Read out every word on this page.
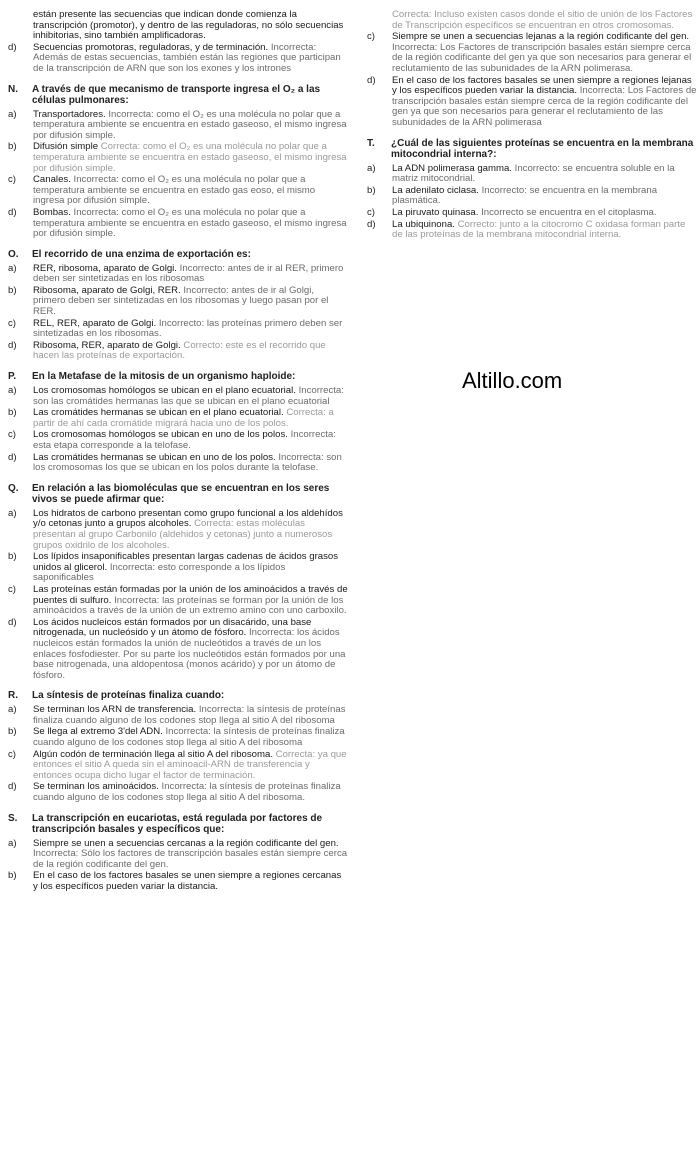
están presente las secuencias que indican donde comienza la transcripción (promotor), y dentro de las reguladoras, no sólo secuencias inhibitorias, sino también amplificadoras.
d)	Secuencias promotoras, reguladoras, y de terminación. Incorrecta: Además de estas secuencias, también están las regiones que participan de la transcripción de ARN que son los exones y los intrones
N.	A través de que mecanismo de transporte ingresa el O₂ a las células pulmonares:
a)	Transportadores. Incorrecta: como el O₂ es una molécula no polar que a temperatura ambiente se encuentra en estado gaseoso, el mismo ingresa por difusión simple.
b)	Difusión simple Correcta: como el O₂ es una molécula no polar que a temperatura ambiente se encuentra en estado gaseoso, el mismo ingresa por difusión simple.
c)	Canales. Incorrecta: como el O₂ es una molécula no polar que a temperatura ambiente se encuentra en estado gas eoso, el mismo ingresa por difusión simple.
d)	Bombas. Incorrecta: como el O₂ es una molécula no polar que a temperatura ambiente se encuentra en estado gaseoso, el mismo ingresa por difusión simple.
O.	El recorrido de una enzima de exportación es:
a)	RER, ribosoma, aparato de Golgi. Incorrecto: antes de ir al RER, primero deben ser sintetizadas en los ribosomas
b)	Ribosoma, aparato de Golgi, RER. Incorrecto: antes de ir al Golgi, primero deben ser sintetizadas en los ribosomas y luego pasan por el RER.
c)	REL, RER, aparato de Golgi. Incorrecto: las proteínas primero deben ser sintetizadas en los ribosomas.
d)	Ribosoma, RER, aparato de Golgi. Correcto: este es el recorrido que hacen las proteínas de exportación.
P.	En la Metafase de la mitosis de un organismo haploide:
a)	Los cromosomas homólogos se ubican en el plano ecuatorial. Incorrecta: son las cromátides hermanas las que se ubican en el plano ecuatorial
b)	Las cromátides hermanas se ubican en el plano ecuatorial. Correcta: a partir de ahí cada cromátide migrará hacia uno de los polos.
c)	Los cromosomas homólogos se ubican en uno de los polos. Incorrecta: esta etapa corresponde a la telofase.
d)	Las cromátides hermanas se ubican en uno de los polos. Incorrecta: son los cromosomas los que se ubican en los polos durante la telofase.
Q.	En relación a las biomoléculas que se encuentran en los seres vivos se puede afirmar que:
a)	Los hidratos de carbono presentan como grupo funcional a los aldehídos y/o cetonas junto a grupos alcoholes. Correcta: estas moléculas presentan al grupo Carbonilo (aldehidos y cetonas) junto a numerosos grupos oxidrilo de los alcoholes.
b)	Los lípidos insaponificables presentan largas cadenas de ácidos grasos unidos al glicerol. Incorrecta: esto corresponde a los lípidos saponificables
c)	Las proteínas están formadas por la unión de los aminoácidos a través de puentes di sulfuro. Incorrecta: las proteínas se forman por la unión de los aminoácidos a través de la unión de un extremo amino con uno carboxilo.
d)	Los ácidos nucleicos están formados por un disacárido, una base nitrogenada, un nucleósido y un átomo de fósforo. Incorrecta: los ácidos nucleicos están formados la unión de nucleótidos a través de un los enlaces fosfodiester. Por su parte los nucleótidos están formados por una base nitrogenada, una aldopentosa (monos acárido) y por un átomo de fósforo.
R.	La síntesis de proteínas finaliza cuando:
a)	Se terminan los ARN de transferencia. Incorrecta: la síntesis de proteínas finaliza cuando alguno de los codones stop llega al sitio A del ribosoma
b)	Se llega al extremo 3'del ADN. Incorrecta: la síntesis de proteínas finaliza cuando alguno de los codones stop llega al sitio A del ribosoma
c)	Algún codón de terminación llega al sitio A del ribosoma. Correcta: ya que entonces el sitio A queda sin el aminoacil-ARN de transferencia y entonces ocupa dicho lugar el factor de terminación.
d)	Se terminan los aminoácidos. Incorrecta: la síntesis de proteínas finaliza cuando alguno de los codones stop llega al sitio A del ribosoma.
S.	La transcripción en eucariotas, está regulada por factores de transcripción basales y específicos que:
a)	Siempre se unen a secuencias cercanas a la región codificante del gen. Incorrecta: Sólo los factores de transcripción basales están siempre cerca de la región codificante del gen.
b)	En el caso de los factores basales se unen siempre a regiones cercanas y los específicos pueden variar la distancia.
Correcta: Incluso existen casos donde el sitio de unión de los Factores de Transcripción específicos se encuentran en otros cromosomas.
c)	Siempre se unen a secuencias lejanas a la región codificante del gen. Incorrecta: Los Factores de transcripción basales están siempre cerca de la región codificante del gen ya que son necesarios para generar el reclutamiento de las subunidades de la ARN polimerasa.
d)	En el caso de los factores basales se unen siempre a regiones lejanas y los específicos pueden variar la distancia. Incorrecta: Los Factores de transcripción basales están siempre cerca de la región codificante del gen ya que son necesarios para generar el reclutamiento de las subunidades de la ARN polimerasa
T.	¿Cuál de las siguientes proteínas se encuentra en la membrana mitocondrial interna?:
a)	La ADN polimerasa gamma. Incorrecto: se encuentra soluble en la matriz mitocondrial.
b)	La adenilato ciclasa. Incorrecto: se encuentra en la membrana plasmática.
c)	La piruvato quinasa. Incorrecto se encuentra en el citoplasma.
d)	La ubiquinona. Correcto: junto a la citocromo C oxidasa forman parte de las proteínas de la membrana mitocondrial interna.
Altillo.com
